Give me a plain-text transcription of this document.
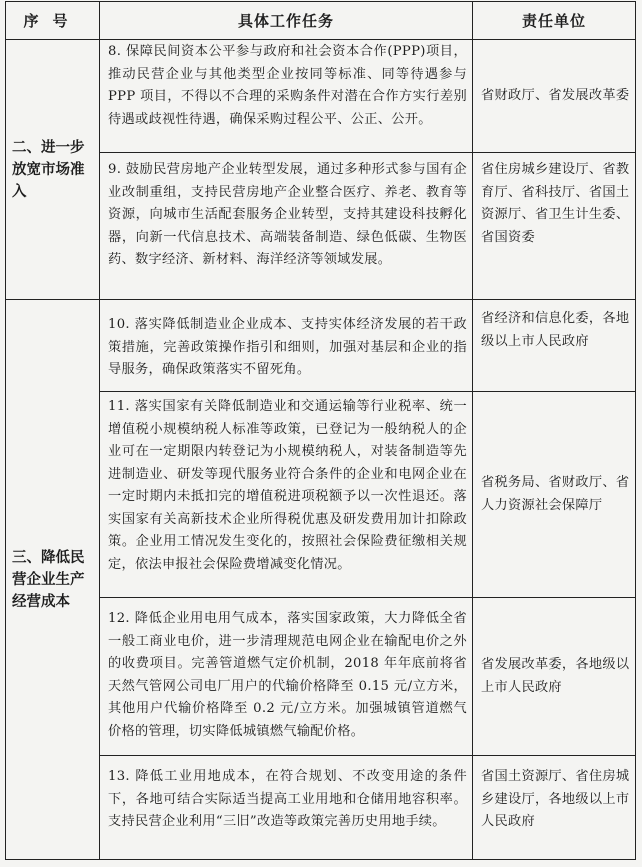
序号	具体工作任务	责任单位
二、进一步放宽市场准入	8. 保障民间资本公平参与政府和社会资本合作(PPP)项目，推动民营企业与其他类型企业按同等标准、同等待遇参与 PPP 项目，不得以不合理的采购条件对潜在合作方实行差别待遇或歧视性待遇，确保采购过程公平、公正、公开。	省财政厅、省发展改革委

	9. 鼓励民营房地产企业转型发展，通过多种形式参与国有企业改制重组，支持民营房地产企业整合医疗、养老、教育等资源，向城市生活配套服务企业转型，支持其建设科技孵化器，向新一代信息技术、高端装备制造、绿色低碳、生物医药、数字经济、新材料、海洋经济等领域发展。	省住房城乡建设厅、省教育厅、省科技厅、省国土资源厅、省卫生计生委、省国资委

三、降低民营企业生产经营成本	10. 落实降低制造业企业成本、支持实体经济发展的若干政策措施，完善政策操作指引和细则，加强对基层和企业的指导服务，确保政策落实不留死角。	省经济和信息化委，各地级以上市人民政府

	11. 落实国家有关降低制造业和交通运输等行业税率、统一增值税小规模纳税人标准等政策，已登记为一般纳税人的企业可在一定期限内转登记为小规模纳税人，对装备制造等先进制造业、研发等现代服务业符合条件的企业和电网企业在一定时期内未抵扣完的增值税进项税额予以一次性退还。落实国家有关高新技术企业所得税优惠及研发费用加计扣除政策。企业用工情况发生变化的，按照社会保险费征缴相关规定，依法申报社会保险费增减变化情况。	省税务局、省财政厅、省人力资源社会保障厅

	12. 降低企业用电用气成本，落实国家政策，大力降低全省一般工商业电价，进一步清理规范电网企业在输配电价之外的收费项目。完善管道燃气定价机制，2018 年年底前将省天然气管网公司电厂用户的代输价格降至 0.15 元/立方米，其他用户代输价格降至 0.2 元/立方米。加强城镇管道燃气价格的管理，切实降低城镇燃气输配价格。	省发展改革委，各地级以上市人民政府

	13. 降低工业用地成本，在符合规划、不改变用途的条件下，各地可结合实际适当提高工业用地和仓储用地容积率。支持民营企业利用“三旧”改造等政策完善历史用地手续。	省国土资源厅、省住房城乡建设厅，各地级以上市人民政府
